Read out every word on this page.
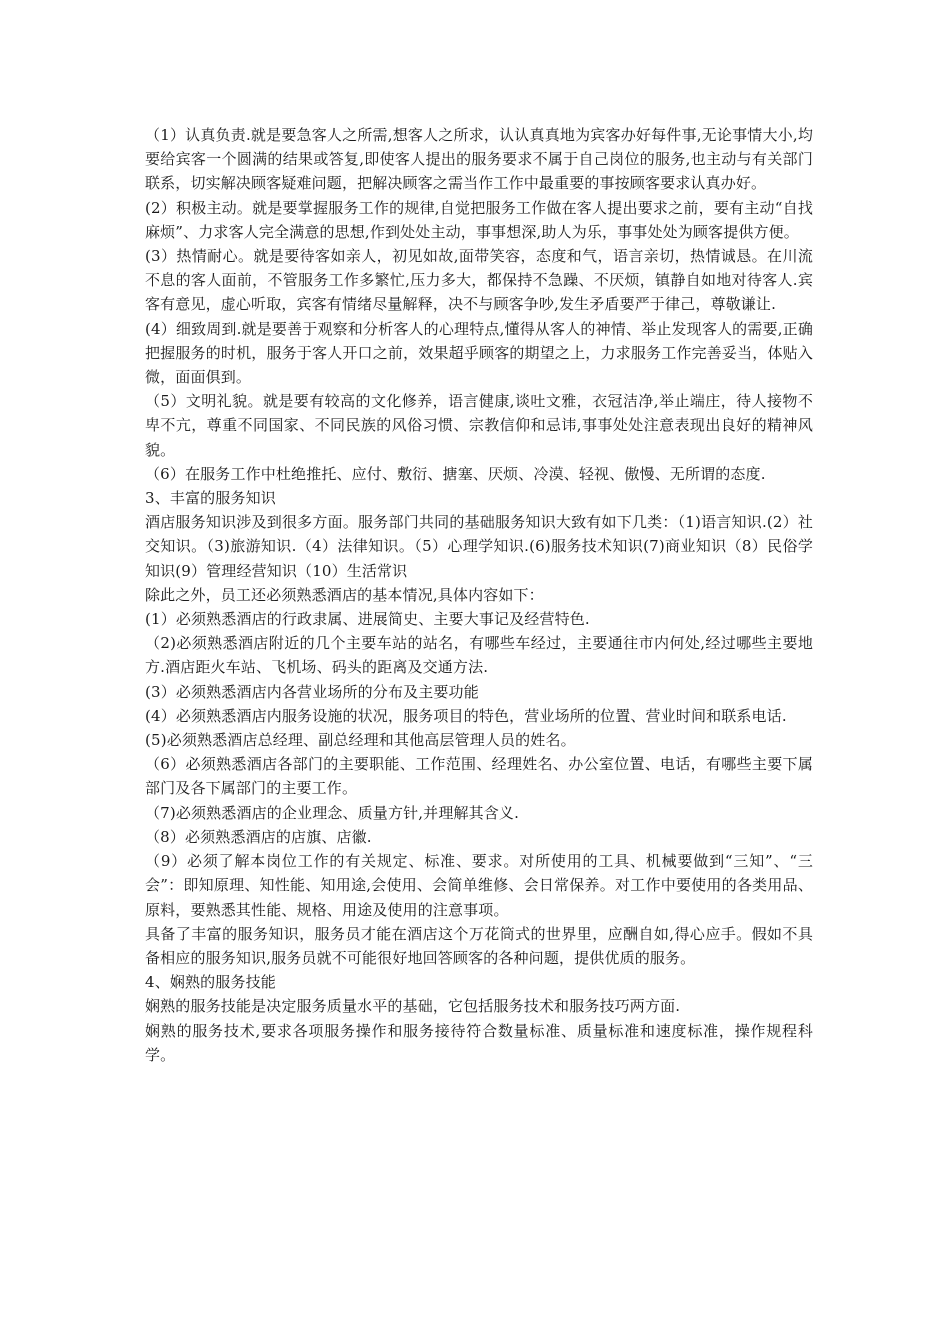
（1）认真负责.就是要急客人之所需,想客人之所求，认认真真地为宾客办好每件事,无论事情大小,均要给宾客一个圆满的结果或答复,即使客人提出的服务要求不属于自己岗位的服务,也主动与有关部门联系，切实解决顾客疑难问题，把解决顾客之需当作工作中最重要的事按顾客要求认真办好。

(2）积极主动。就是要掌握服务工作的规律,自觉把服务工作做在客人提出要求之前，要有主动“自找麻烦”、力求客人完全满意的思想,作到处处主动，事事想深,助人为乐，事事处处为顾客提供方便。

(3）热情耐心。就是要待客如亲人，初见如故,面带笑容，态度和气，语言亲切，热情诚恳。在川流不息的客人面前，不管服务工作多繁忙,压力多大，都保持不急躁、不厌烦，镇静自如地对待客人.宾客有意见，虚心听取，宾客有情绪尽量解释，决不与顾客争吵,发生矛盾要严于律己，尊敬谦让.

(4）细致周到.就是要善于观察和分析客人的心理特点,懂得从客人的神情、举止发现客人的需要,正确把握服务的时机，服务于客人开口之前，效果超乎顾客的期望之上，力求服务工作完善妥当，体贴入微，面面俱到。

（5）文明礼貌。就是要有较高的文化修养，语言健康,谈吐文雅，衣冠洁净,举止端庄，待人接物不卑不亢，尊重不同国家、不同民族的风俗习惯、宗教信仰和忌讳,事事处处注意表现出良好的精神风貌。

（6）在服务工作中杜绝推托、应付、敷衍、搪塞、厌烦、冷漠、轻视、傲慢、无所谓的态度.

3、丰富的服务知识

酒店服务知识涉及到很多方面。服务部门共同的基础服务知识大致有如下几类：（1)语言知识.(2）社交知识。（3)旅游知识.（4）法律知识。（5）心理学知识.(6)服务技术知识(7)商业知识（8）民俗学知识(9）管理经营知识（10）生活常识

除此之外，员工还必须熟悉酒店的基本情况,具体内容如下：

(1）必须熟悉酒店的行政隶属、进展简史、主要大事记及经营特色.

（2)必须熟悉酒店附近的几个主要车站的站名，有哪些车经过，主要通往市内何处,经过哪些主要地方.酒店距火车站、飞机场、码头的距离及交通方法.

(3）必须熟悉酒店内各营业场所的分布及主要功能

(4）必须熟悉酒店内服务设施的状况，服务项目的特色，营业场所的位置、营业时间和联系电话.

(5)必须熟悉酒店总经理、副总经理和其他高层管理人员的姓名。

（6）必须熟悉酒店各部门的主要职能、工作范围、经理姓名、办公室位置、电话，有哪些主要下属部门及各下属部门的主要工作。

（7)必须熟悉酒店的企业理念、质量方针,并理解其含义.

（8）必须熟悉酒店的店旗、店徽.

（9）必须了解本岗位工作的有关规定、标准、要求。对所使用的工具、机械要做到“三知”、“三会”：即知原理、知性能、知用途,会使用、会简单维修、会日常保养。对工作中要使用的各类用品、原料，要熟悉其性能、规格、用途及使用的注意事项。

具备了丰富的服务知识，服务员才能在酒店这个万花筒式的世界里，应酬自如,得心应手。假如不具备相应的服务知识,服务员就不可能很好地回答顾客的各种问题，提供优质的服务。

4、娴熟的服务技能

娴熟的服务技能是决定服务质量水平的基础，它包括服务技术和服务技巧两方面.

娴熟的服务技术,要求各项服务操作和服务接待符合数量标准、质量标准和速度标准，操作规程科学。
